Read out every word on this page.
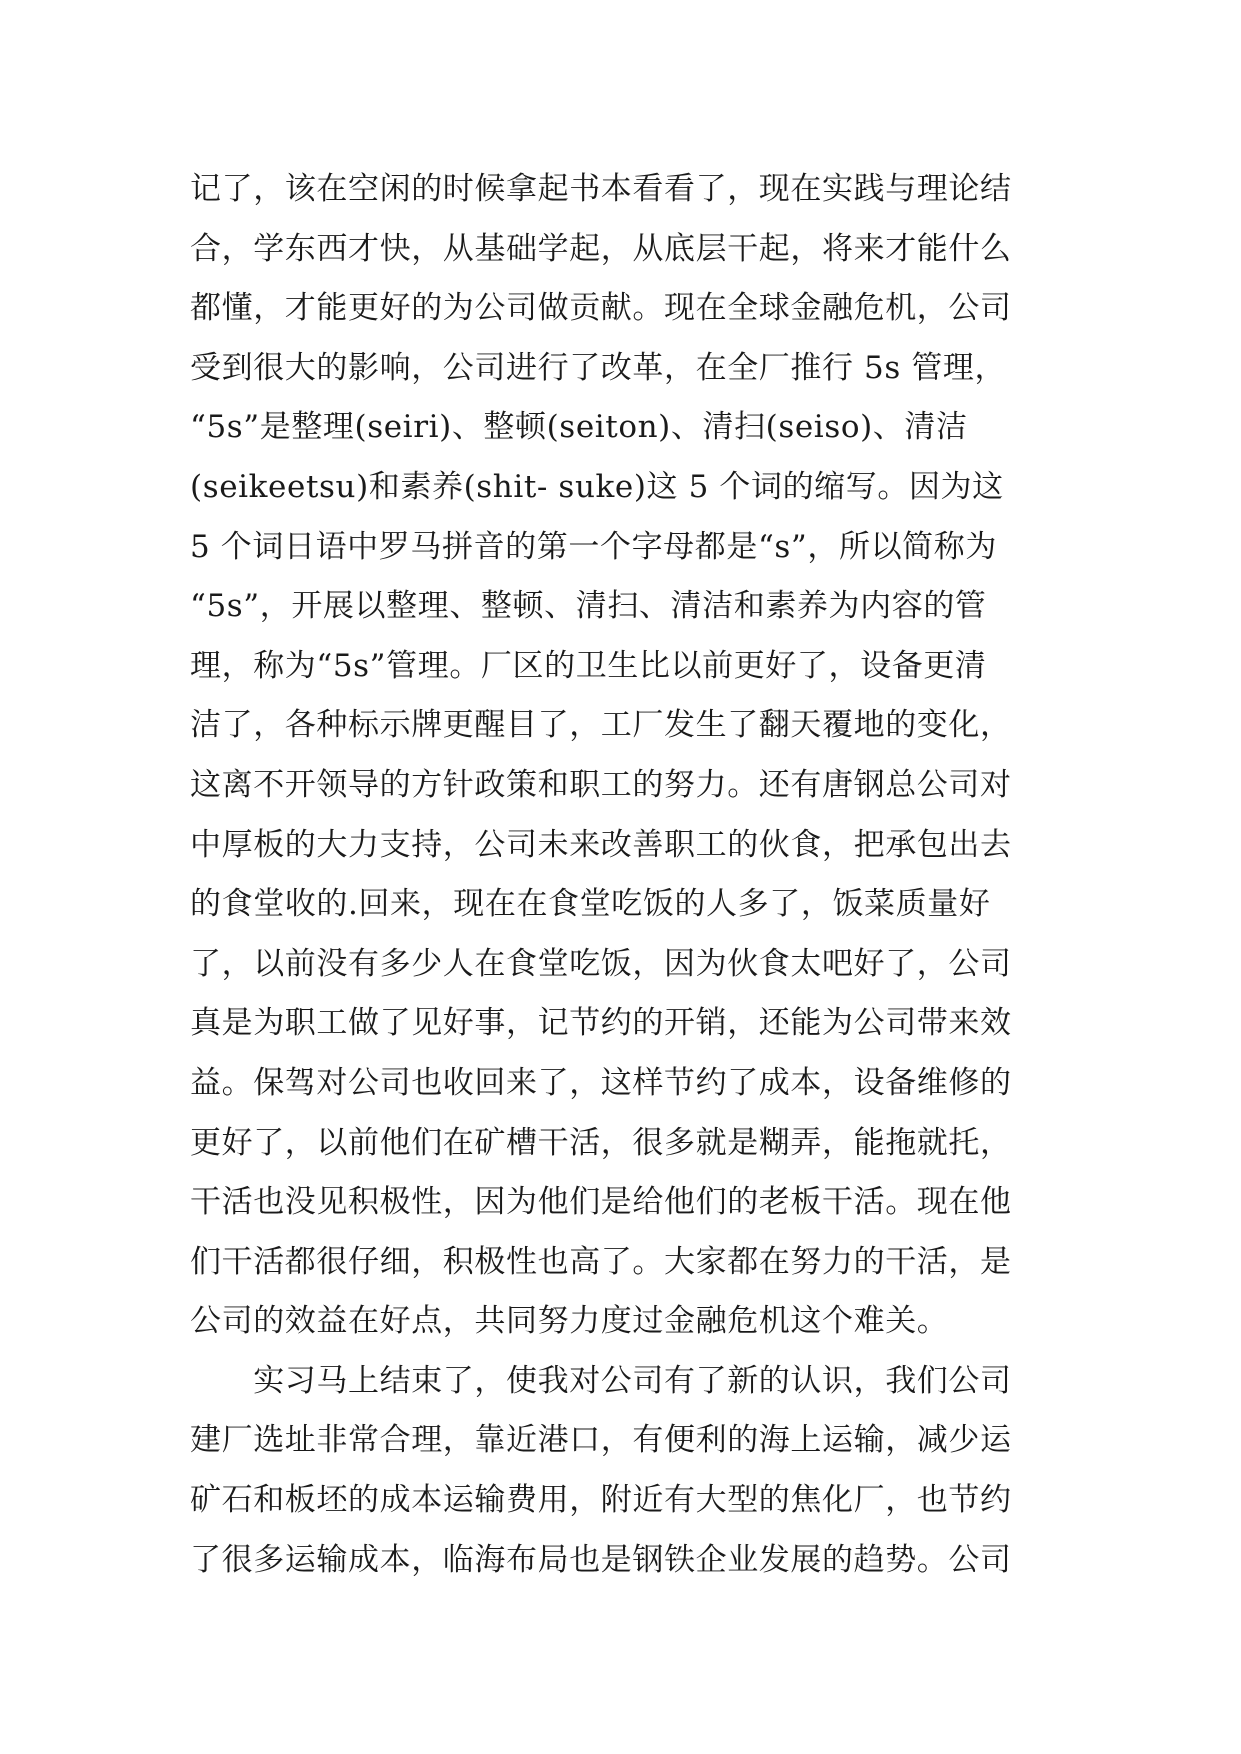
记了，该在空闲的时候拿起书本看看了，现在实践与理论结
合，学东西才快，从基础学起，从底层干起，将来才能什么
都懂，才能更好的为公司做贡献。现在全球金融危机，公司
受到很大的影响，公司进行了改革，在全厂推行 5s 管理，
“5s”是整理(seiri)、整顿(seiton)、清扫(seiso)、清洁
(seikeetsu)和素养(shit- suke)这 5 个词的缩写。因为这
5 个词日语中罗马拼音的第一个字母都是“s”，所以简称为
“5s”，开展以整理、整顿、清扫、清洁和素养为内容的管
理，称为“5s”管理。厂区的卫生比以前更好了，设备更清
洁了，各种标示牌更醒目了，工厂发生了翻天覆地的变化，
这离不开领导的方针政策和职工的努力。还有唐钢总公司对
中厚板的大力支持，公司未来改善职工的伙食，把承包出去
的食堂收的.回来，现在在食堂吃饭的人多了，饭菜质量好
了，以前没有多少人在食堂吃饭，因为伙食太吧好了，公司
真是为职工做了见好事，记节约的开销，还能为公司带来效
益。保驾对公司也收回来了，这样节约了成本，设备维修的
更好了，以前他们在矿槽干活，很多就是糊弄，能拖就托，
干活也没见积极性，因为他们是给他们的老板干活。现在他
们干活都很仔细，积极性也高了。大家都在努力的干活，是
公司的效益在好点，共同努力度过金融危机这个难关。
　　实习马上结束了，使我对公司有了新的认识，我们公司
建厂选址非常合理，靠近港口，有便利的海上运输，减少运
矿石和板坯的成本运输费用，附近有大型的焦化厂，也节约
了很多运输成本，临海布局也是钢铁企业发展的趋势。公司
